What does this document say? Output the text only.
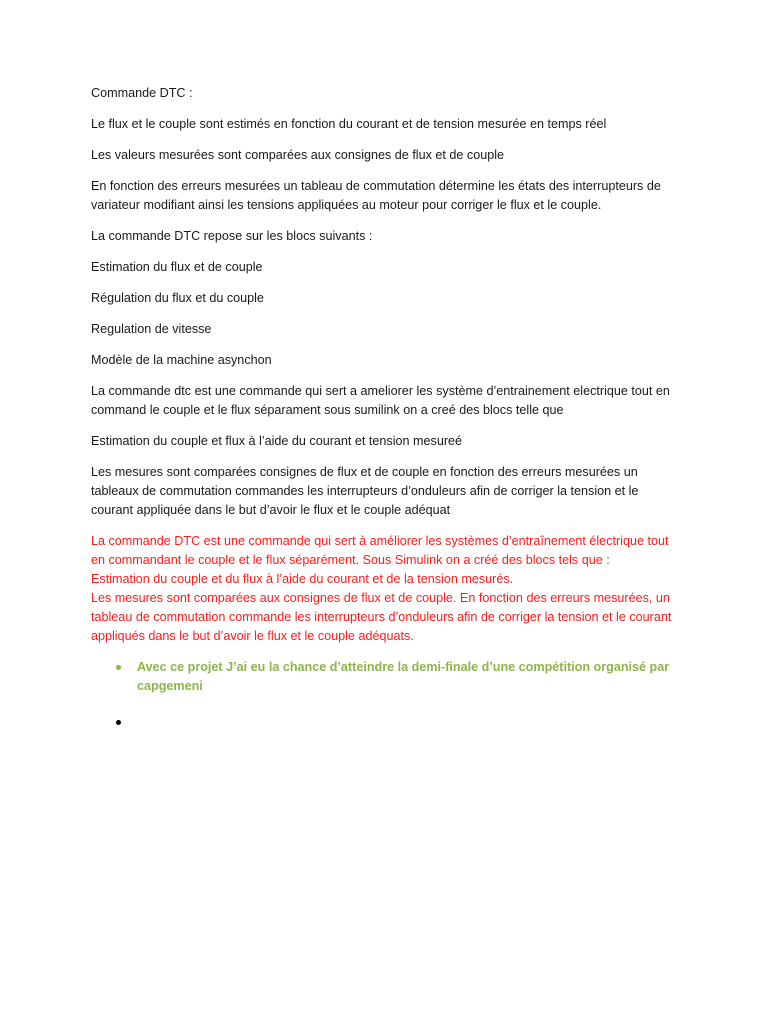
Commande DTC :

Le flux et le couple sont estimés en fonction du courant et de tension mesurée en temps réel

Les valeurs mesurées sont comparées aux consignes de flux et de couple

En fonction des erreurs mesurées un tableau de commutation détermine les états des interrupteurs de variateur modifiant ainsi les tensions appliquées au moteur pour corriger le flux et le couple.

La commande DTC repose sur les blocs suivants :

Estimation du flux et de couple

Régulation du flux et du couple

Regulation de vitesse

Modèle de la machine asynchon

La commande dtc est une commande qui sert a ameliorer les système d’entrainement electrique tout en command le couple et le flux séparament sous sumilink on a creé des blocs telle que

Estimation du couple et flux à l’aide du courant et tension mesureé

Les mesures sont comparées consignes de flux et de couple en fonction des erreurs mesurées un tableaux de commutation commandes les interrupteurs d’onduleurs afin de corriger la tension et le courant appliquée dans le but d’avoir le flux et le couple adéquat

La commande DTC est une commande qui sert à améliorer les systèmes d’entraînement électrique tout en commandant le couple et le flux séparément. Sous Simulink on a créé des blocs tels que :

Estimation du couple et du flux à l’aide du courant et de la tension mesurés.

Les mesures sont comparées aux consignes de flux et de couple. En fonction des erreurs mesurées, un tableau de commutation commande les interrupteurs d’onduleurs afin de corriger la tension et le courant appliqués dans le but d’avoir le flux et le couple adéquats.

Avec ce projet J’ai eu la chance d’atteindre la demi-finale d’une compétition organisé par capgemeni
